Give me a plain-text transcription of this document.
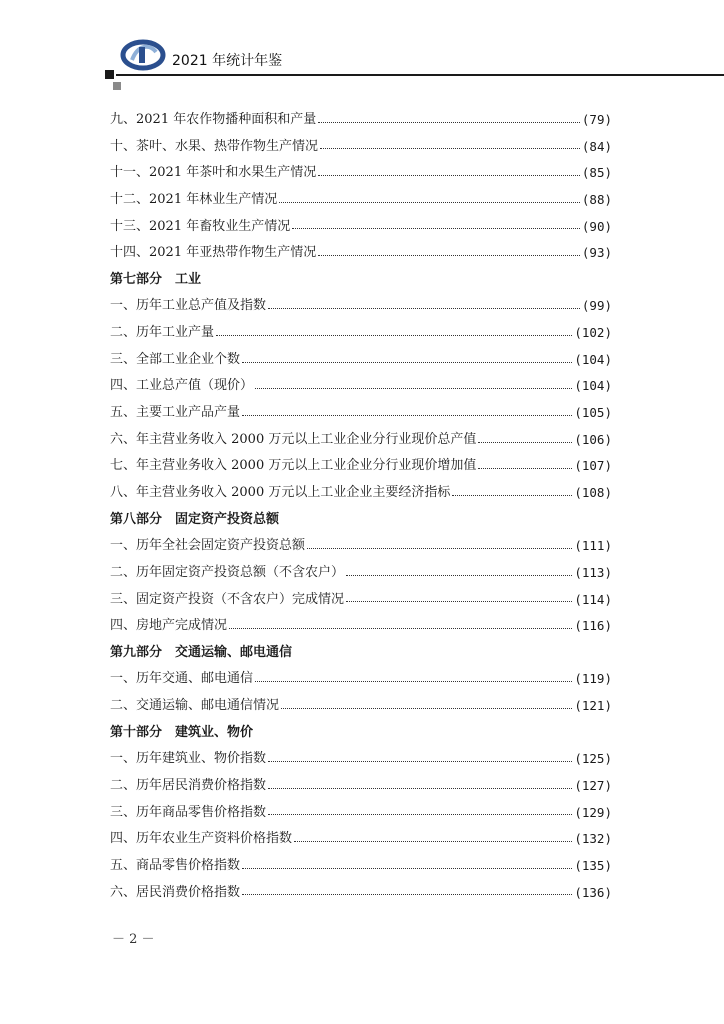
2021 年统计年鉴
九、2021 年农作物播种面积和产量	(79)
十、茶叶、水果、热带作物生产情况	(84)
十一、2021 年茶叶和水果生产情况	(85)
十二、2021 年林业生产情况	(88)
十三、2021 年畜牧业生产情况	(90)
十四、2021 年亚热带作物生产情况	(93)
第七部分　工业
一、历年工业总产值及指数	(99)
二、历年工业产量	(102)
三、全部工业企业个数	(104)
四、工业总产值（现价）	(104)
五、主要工业产品产量	(105)
六、年主营业务收入 2000 万元以上工业企业分行业现价总产值	(106)
七、年主营业务收入 2000 万元以上工业企业分行业现价增加值	(107)
八、年主营业务收入 2000 万元以上工业企业主要经济指标	(108)
第八部分　固定资产投资总额
一、历年全社会固定资产投资总额	(111)
二、历年固定资产投资总额（不含农户）	(113)
三、固定资产投资（不含农户）完成情况	(114)
四、房地产完成情况	(116)
第九部分　交通运输、邮电通信
一、历年交通、邮电通信	(119)
二、交通运输、邮电通信情况	(121)
第十部分　建筑业、物价
一、历年建筑业、物价指数	(125)
二、历年居民消费价格指数	(127)
三、历年商品零售价格指数	(129)
四、历年农业生产资料价格指数	(132)
五、商品零售价格指数	(135)
六、居民消费价格指数	(136)
－ 2 －
